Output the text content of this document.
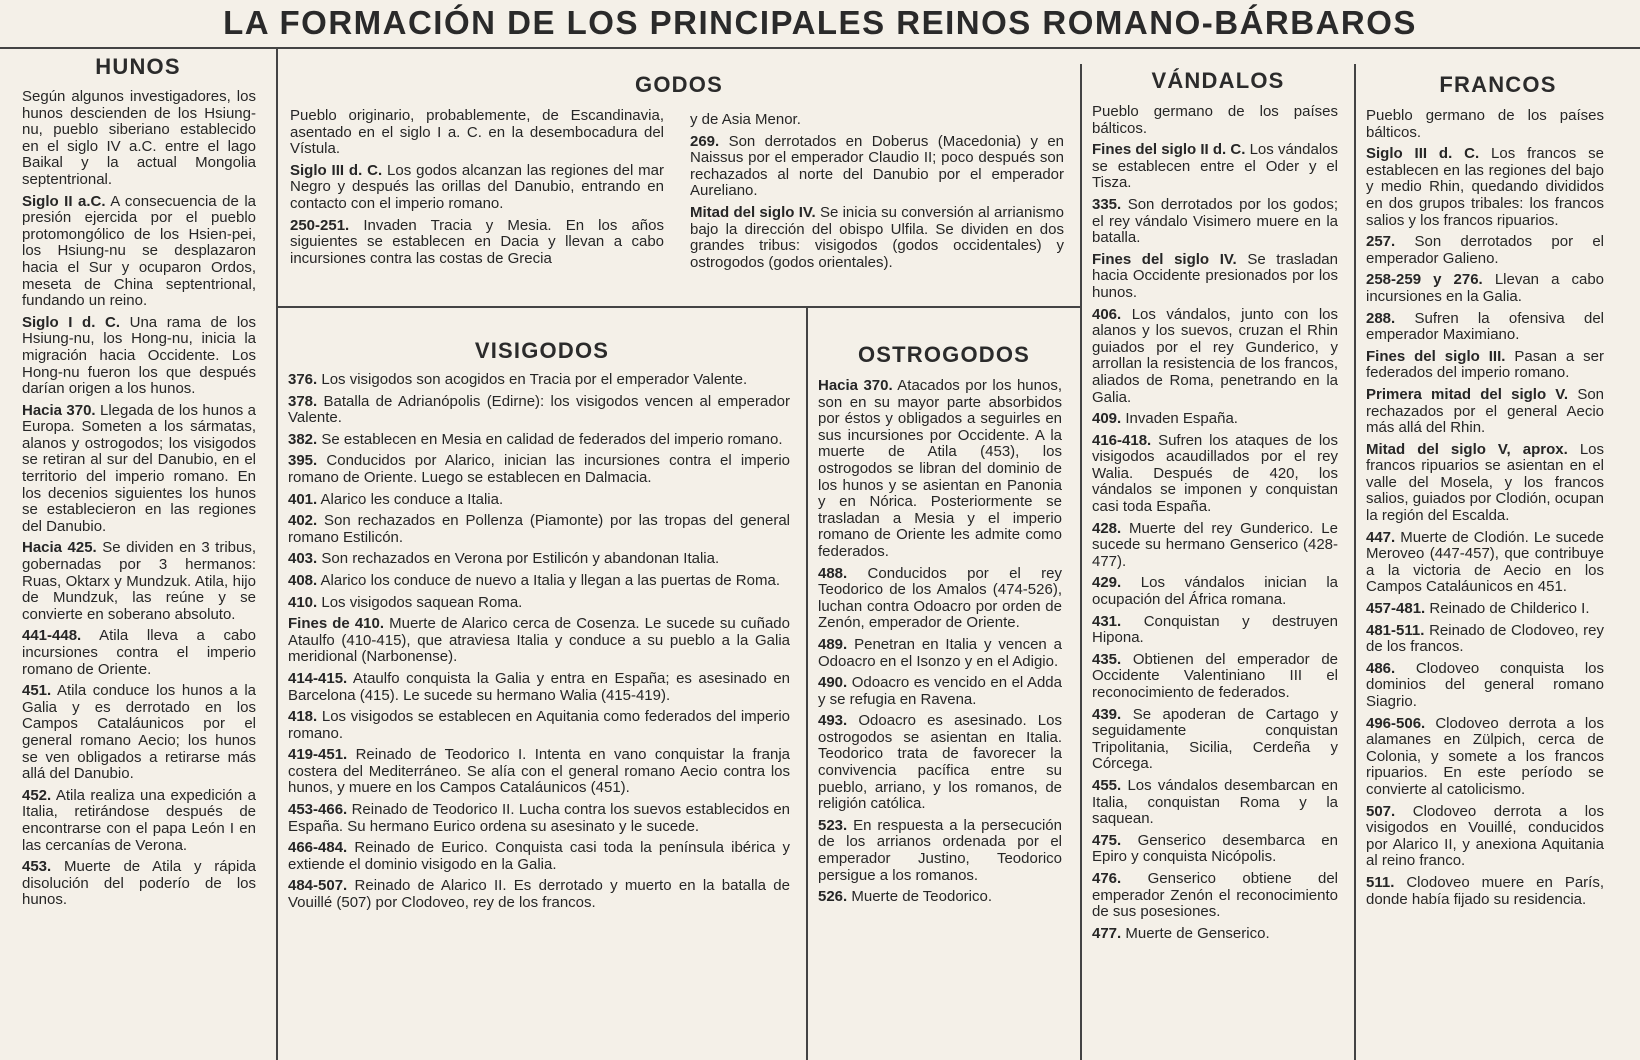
LA FORMACIÓN DE LOS PRINCIPALES REINOS ROMANO-BÁRBAROS
HUNOS
GODOS	VÁNDALOS	FRANCOS
VISIGODOS	OSTROGODOS

Según algunos investigadores, los hunos descienden de los Hsiung-nu, pueblo siberiano establecido en el siglo IV a.C. entre el lago Baikal y la actual Mongolia septentrional.

Siglo II a.C. A consecuencia de la presión ejercida por el pueblo protomongólico de los Hsien-pei, los Hsiung-nu se desplazaron hacia el Sur y ocuparon Ordos, meseta de China septentrional, fundando un reino.

Siglo I d. C. Una rama de los Hsiung-nu, los Hong-nu, inicia la migración hacia Occidente. Los Hong-nu fueron los que después darían origen a los hunos.

Hacia 370. Llegada de los hunos a Europa. Someten a los sármatas, alanos y ostrogodos; los visigodos se retiran al sur del Danubio, en el territorio del imperio romano. En los decenios siguientes los hunos se establecieron en las regiones del Danubio.

Hacia 425. Se dividen en 3 tribus, gobernadas por 3 hermanos: Ruas, Oktarx y Mundzuk. Atila, hijo de Mundzuk, las reúne y se convierte en soberano absoluto.

441-448. Atila lleva a cabo incursiones contra el imperio romano de Oriente.

451. Atila conduce los hunos a la Galia y es derrotado en los Campos Cataláunicos por el general romano Aecio; los hunos se ven obligados a retirarse más allá del Danubio.

452. Atila realiza una expedición a Italia, retirándose después de encontrarse con el papa León I en las cercanías de Verona.

453. Muerte de Atila y rápida disolución del poderío de los hunos.

Pueblo originario, probablemente, de Escandinavia, asentado en el siglo I a. C. en la desembocadura del Vístula.

Siglo III d. C. Los godos alcanzan las regiones del mar Negro y después las orillas del Danubio, entrando en contacto con el imperio romano.

250-251. Invaden Tracia y Mesia. En los años siguientes se establecen en Dacia y llevan a cabo incursiones contra las costas de Grecia

y de Asia Menor.

269. Son derrotados en Doberus (Macedonia) y en Naissus por el emperador Claudio II; poco después son rechazados al norte del Danubio por el emperador Aureliano.

Mitad del siglo IV. Se inicia su conversión al arrianismo bajo la dirección del obispo Ulfila. Se dividen en dos grandes tribus: visigodos (godos occidentales) y ostrogodos (godos orientales).

376. Los visigodos son acogidos en Tracia por el emperador Valente.

378. Batalla de Adrianópolis (Edirne): los visigodos vencen al emperador Valente.

382. Se establecen en Mesia en calidad de federados del imperio romano.

395. Conducidos por Alarico, inician las incursiones contra el imperio romano de Oriente. Luego se establecen en Dalmacia.

401. Alarico les conduce a Italia.

402. Son rechazados en Pollenza (Piamonte) por las tropas del general romano Estilicón.

403. Son rechazados en Verona por Estilicón y abandonan Italia.

408. Alarico los conduce de nuevo a Italia y llegan a las puertas de Roma.

410. Los visigodos saquean Roma.

Fines de 410. Muerte de Alarico cerca de Cosenza. Le sucede su cuñado Ataulfo (410-415), que atraviesa Italia y conduce a su pueblo a la Galia meridional (Narbonense).

414-415. Ataulfo conquista la Galia y entra en España; es asesinado en Barcelona (415). Le sucede su hermano Walia (415-419).

418. Los visigodos se establecen en Aquitania como federados del imperio romano.

419-451. Reinado de Teodorico I. Intenta en vano conquistar la franja costera del Mediterráneo. Se alía con el general romano Aecio contra los hunos, y muere en los Campos Cataláunicos (451).

453-466. Reinado de Teodorico II. Lucha contra los suevos establecidos en España. Su hermano Eurico ordena su asesinato y le sucede.

466-484. Reinado de Eurico. Conquista casi toda la península ibérica y extiende el dominio visigodo en la Galia.

484-507. Reinado de Alarico II. Es derrotado y muerto en la batalla de Vouillé (507) por Clodoveo, rey de los francos.

Hacia 370. Atacados por los hunos, son en su mayor parte absorbidos por éstos y obligados a seguirles en sus incursiones por Occidente. A la muerte de Atila (453), los ostrogodos se libran del dominio de los hunos y se asientan en Panonia y en Nórica. Posteriormente se trasladan a Mesia y el imperio romano de Oriente les admite como federados.

488. Conducidos por el rey Teodorico de los Amalos (474-526), luchan contra Odoacro por orden de Zenón, emperador de Oriente.

489. Penetran en Italia y vencen a Odoacro en el Isonzo y en el Adigio.

490. Odoacro es vencido en el Adda y se refugia en Ravena.

493. Odoacro es asesinado. Los ostrogodos se asientan en Italia. Teodorico trata de favorecer la convivencia pacífica entre su pueblo, arriano, y los romanos, de religión católica.

523. En respuesta a la persecución de los arrianos ordenada por el emperador Justino, Teodorico persigue a los romanos.

526. Muerte de Teodorico.

Pueblo germano de los países bálticos.

Fines del siglo II d. C. Los vándalos se establecen entre el Oder y el Tisza.

335. Son derrotados por los godos; el rey vándalo Visimero muere en la batalla.

Fines del siglo IV. Se trasladan hacia Occidente presionados por los hunos.

406. Los vándalos, junto con los alanos y los suevos, cruzan el Rhin guiados por el rey Gunderico, y arrollan la resistencia de los francos, aliados de Roma, penetrando en la Galia.

409. Invaden España.

416-418. Sufren los ataques de los visigodos acaudillados por el rey Walia. Después de 420, los vándalos se imponen y conquistan casi toda España.

428. Muerte del rey Gunderico. Le sucede su hermano Genserico (428-477).

429. Los vándalos inician la ocupación del África romana.

431. Conquistan y destruyen Hipona.

435. Obtienen del emperador de Occidente Valentiniano III el reconocimiento de federados.

439. Se apoderan de Cartago y seguidamente conquistan Tripolitania, Sicilia, Cerdeña y Córcega.

455. Los vándalos desembarcan en Italia, conquistan Roma y la saquean.

475. Genserico desembarca en Epiro y conquista Nicópolis.

476. Genserico obtiene del emperador Zenón el reconocimiento de sus posesiones.

477. Muerte de Genserico.

Pueblo germano de los países bálticos.

Siglo III d. C. Los francos se establecen en las regiones del bajo y medio Rhin, quedando divididos en dos grupos tribales: los francos salios y los francos ripuarios.

257. Son derrotados por el emperador Galieno.

258-259 y 276. Llevan a cabo incursiones en la Galia.

288. Sufren la ofensiva del emperador Maximiano.

Fines del siglo III. Pasan a ser federados del imperio romano.

Primera mitad del siglo V. Son rechazados por el general Aecio más allá del Rhin.

Mitad del siglo V, aprox. Los francos ripuarios se asientan en el valle del Mosela, y los francos salios, guiados por Clodión, ocupan la región del Escalda.

447. Muerte de Clodión. Le sucede Meroveo (447-457), que contribuye a la victoria de Aecio en los Campos Cataláunicos en 451.

457-481. Reinado de Childerico I.

481-511. Reinado de Clodoveo, rey de los francos.

486. Clodoveo conquista los dominios del general romano Siagrio.

496-506. Clodoveo derrota a los alamanes en Zülpich, cerca de Colonia, y somete a los francos ripuarios. En este período se convierte al catolicismo.

507. Clodoveo derrota a los visigodos en Vouillé, conducidos por Alarico II, y anexiona Aquitania al reino franco.

511. Clodoveo muere en París, donde había fijado su residencia.
